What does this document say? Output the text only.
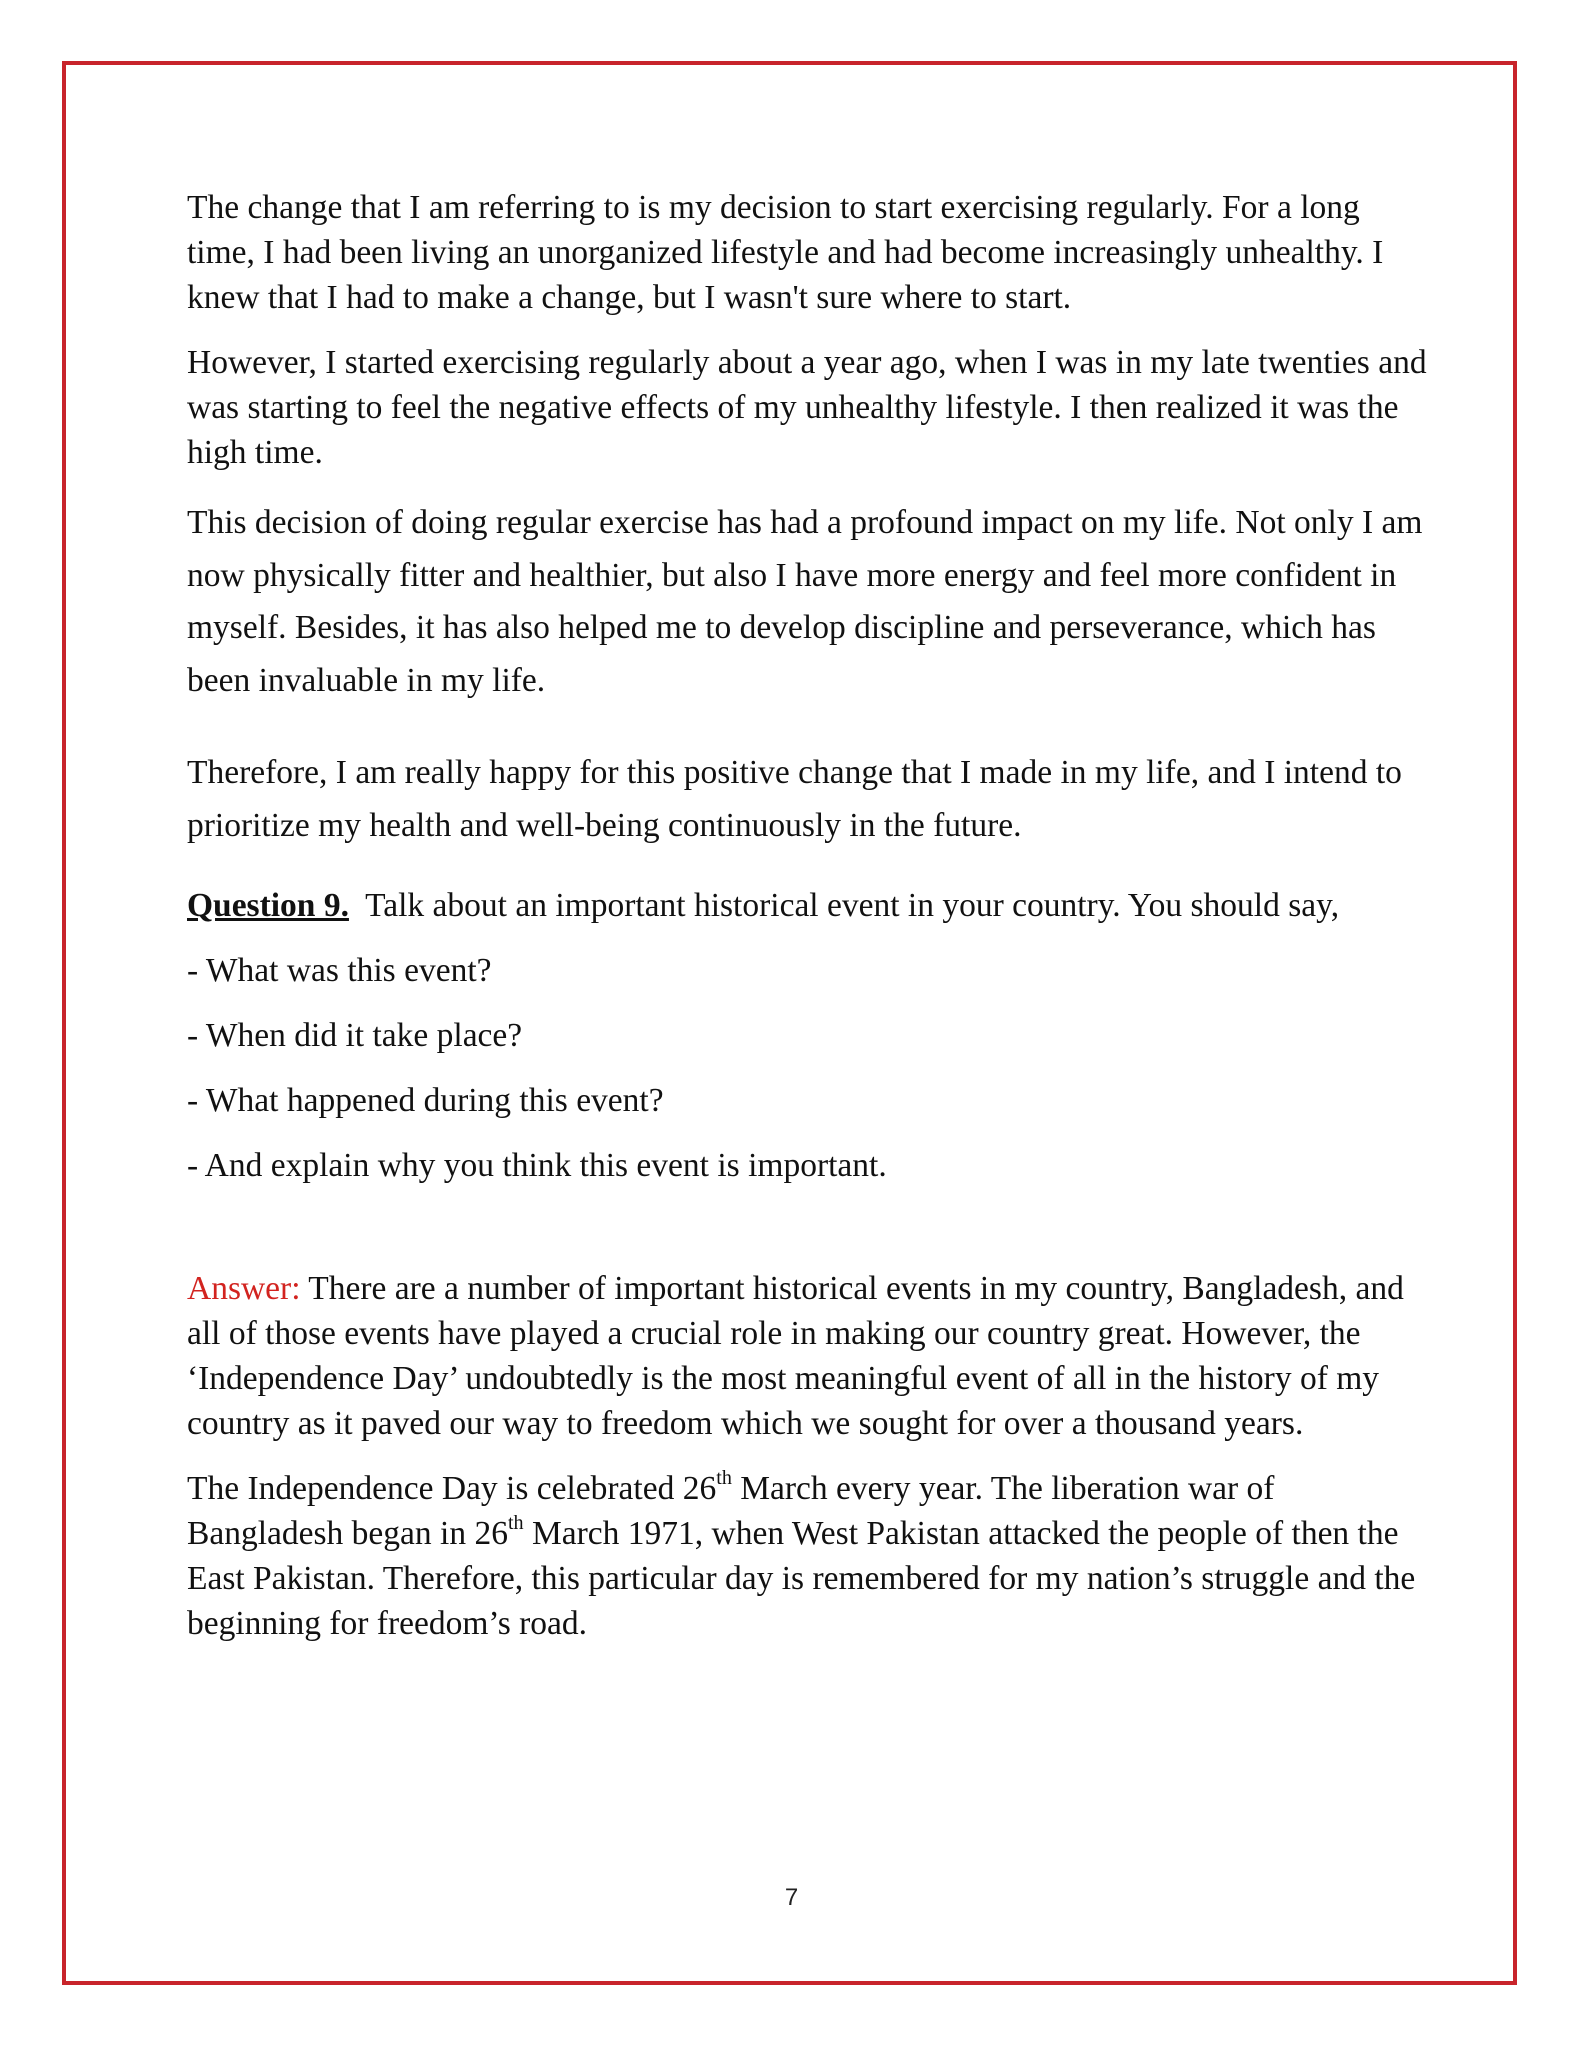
The change that I am referring to is my decision to start exercising regularly. For a long time, I had been living an unorganized lifestyle and had become increasingly unhealthy. I knew that I had to make a change, but I wasn't sure where to start.

However, I started exercising regularly about a year ago, when I was in my late twenties and was starting to feel the negative effects of my unhealthy lifestyle. I then realized it was the high time.

This decision of doing regular exercise has had a profound impact on my life. Not only I am now physically fitter and healthier, but also I have more energy and feel more confident in myself. Besides, it has also helped me to develop discipline and perseverance, which has been invaluable in my life.

Therefore, I am really happy for this positive change that I made in my life, and I intend to prioritize my health and well-being continuously in the future.

Question 9. Talk about an important historical event in your country. You should say,

- What was this event?

- When did it take place?

- What happened during this event?

- And explain why you think this event is important.

Answer: There are a number of important historical events in my country, Bangladesh, and all of those events have played a crucial role in making our country great. However, the ‘Independence Day’ undoubtedly is the most meaningful event of all in the history of my country as it paved our way to freedom which we sought for over a thousand years.

The Independence Day is celebrated 26th March every year. The liberation war of Bangladesh began in 26th March 1971, when West Pakistan attacked the people of then the East Pakistan. Therefore, this particular day is remembered for my nation’s struggle and the beginning for freedom’s road.

7
